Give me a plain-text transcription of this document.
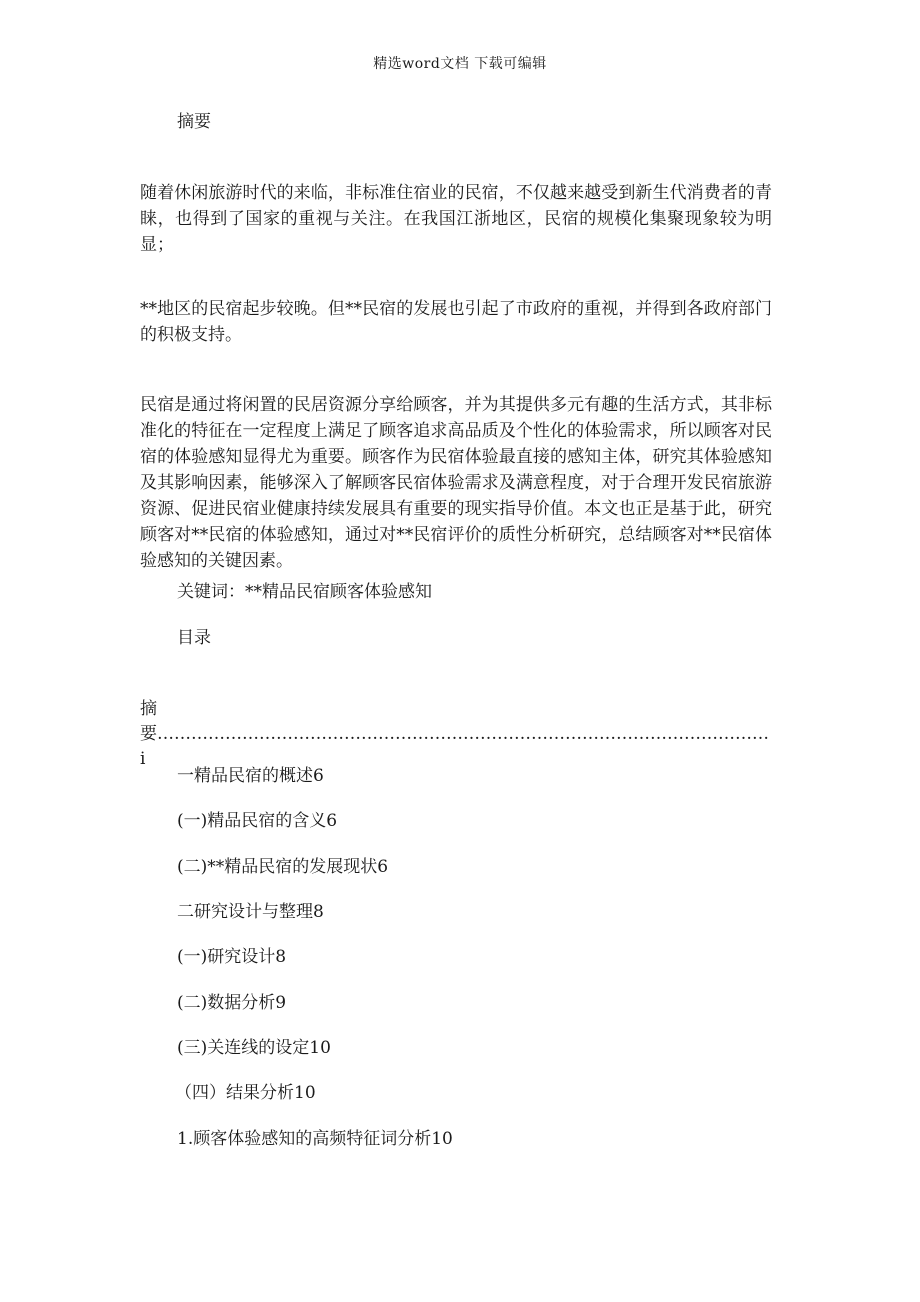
精选word文档 下载可编辑
摘要
随着休闲旅游时代的来临，非标准住宿业的民宿，不仅越来越受到新生代消费者的青睐，也得到了国家的重视与关注。在我国江浙地区，民宿的规模化集聚现象较为明显；
**地区的民宿起步较晚。但**民宿的发展也引起了市政府的重视，并得到各政府部门的积极支持。
民宿是通过将闲置的民居资源分享给顾客，并为其提供多元有趣的生活方式，其非标准化的特征在一定程度上满足了顾客追求高品质及个性化的体验需求，所以顾客对民宿的体验感知显得尤为重要。顾客作为民宿体验最直接的感知主体，研究其体验感知及其影响因素，能够深入了解顾客民宿体验需求及满意程度，对于合理开发民宿旅游资源、促进民宿业健康持续发展具有重要的现实指导价值。本文也正是基于此，研究顾客对**民宿的体验感知，通过对**民宿评价的质性分析研究，总结顾客对**民宿体验感知的关键因素。
关键词：**精品民宿顾客体验感知
目录
摘要………………………………………………………………………………………………i
一精品民宿的概述6
(一)精品民宿的含义6
(二)**精品民宿的发展现状6
二研究设计与整理8
(一)研究设计8
(二)数据分析9
(三)关连线的设定10
（四）结果分析10
1.顾客体验感知的高频特征词分析10
